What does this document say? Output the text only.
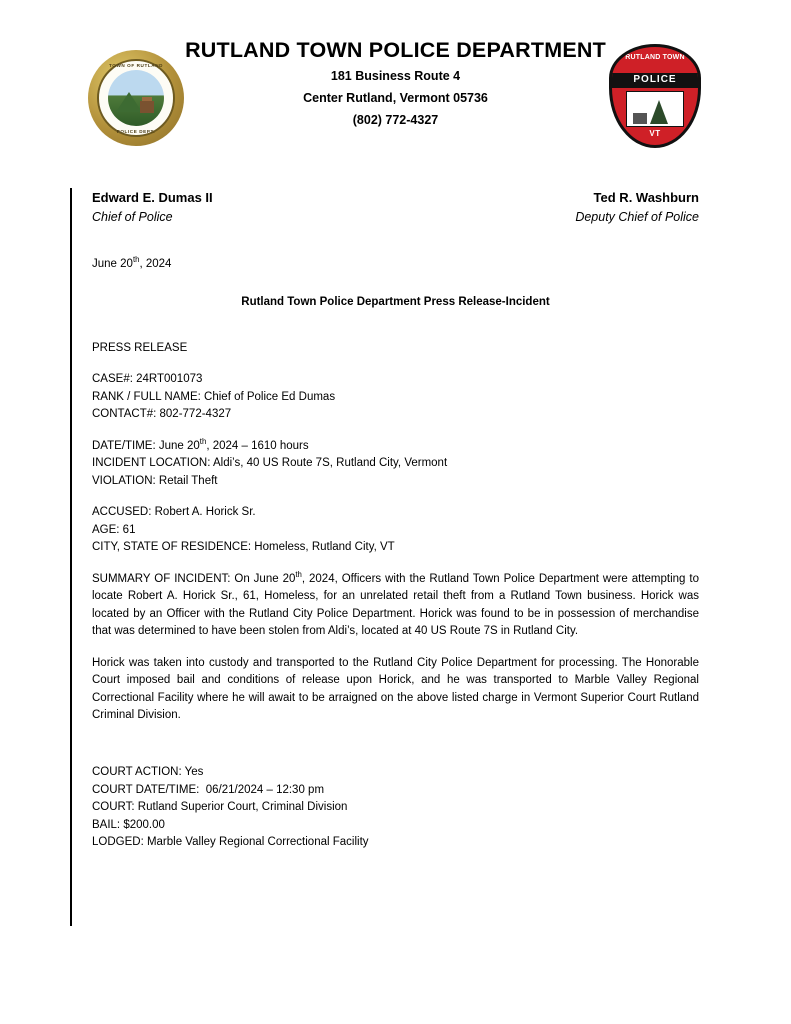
TOWN OF RUTLAND
POLICE DEPT.
RUTLAND TOWN POLICE DEPARTMENT
181 Business Route 4
Center Rutland, Vermont 05736
(802) 772-4327
RUTLAND TOWN
POLICE
VT
Edward E. Dumas II
Chief of Police
Ted R. Washburn
Deputy Chief of Police
June 20th, 2024
Rutland Town Police Department Press Release-Incident
PRESS RELEASE
CASE#: 24RT001073
RANK / FULL NAME: Chief of Police Ed Dumas
CONTACT#: 802-772-4327
DATE/TIME: June 20th, 2024 – 1610 hours
INCIDENT LOCATION: Aldi’s, 40 US Route 7S, Rutland City, Vermont
VIOLATION: Retail Theft
ACCUSED: Robert A. Horick Sr.
AGE: 61
CITY, STATE OF RESIDENCE: Homeless, Rutland City, VT
SUMMARY OF INCIDENT: On June 20th, 2024, Officers with the Rutland Town Police Department were attempting to locate Robert A. Horick Sr., 61, Homeless, for an unrelated retail theft from a Rutland Town business. Horick was located by an Officer with the Rutland City Police Department. Horick was found to be in possession of merchandise that was determined to have been stolen from Aldi’s, located at 40 US Route 7S in Rutland City.
Horick was taken into custody and transported to the Rutland City Police Department for processing. The Honorable Court imposed bail and conditions of release upon Horick, and he was transported to Marble Valley Regional Correctional Facility where he will await to be arraigned on the above listed charge in Vermont Superior Court Rutland Criminal Division.
COURT ACTION: Yes
COURT DATE/TIME:  06/21/2024 – 12:30 pm
COURT: Rutland Superior Court, Criminal Division
BAIL: $200.00
LODGED: Marble Valley Regional Correctional Facility
